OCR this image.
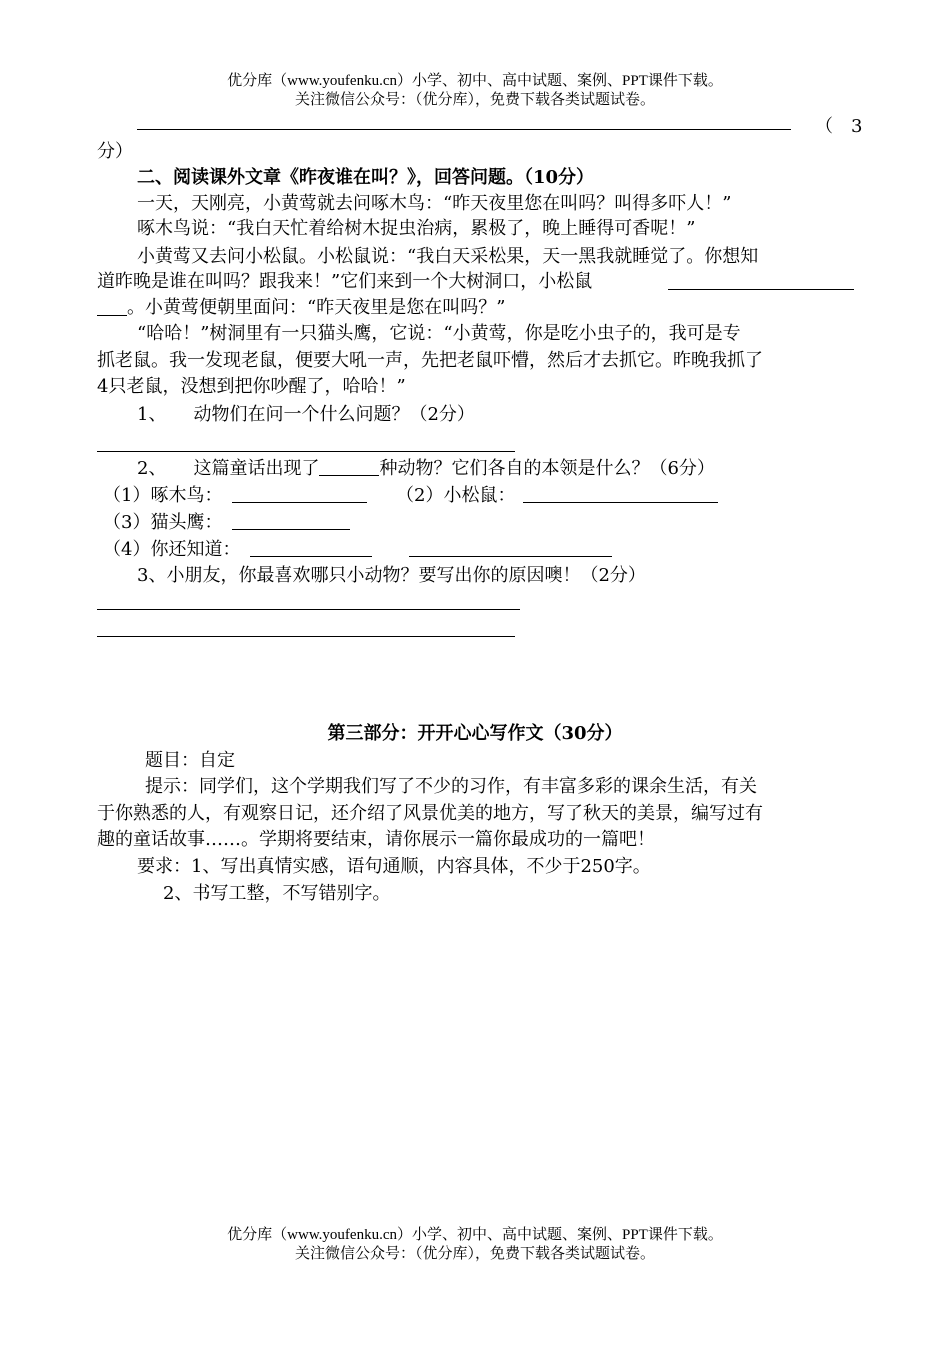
优分库（www.youfenku.cn）小学、初中、高中试题、案例、PPT课件下载。
关注微信公众号：（优分库），免费下载各类试题试卷。
（　3
分）
二、阅读课外文章《昨夜谁在叫？》，回答问题。（10分）
一天，天刚亮，小黄莺就去问啄木鸟：“昨天夜里您在叫吗？叫得多吓人！”
啄木鸟说：“我白天忙着给树木捉虫治病，累极了，晚上睡得可香呢！”
小黄莺又去问小松鼠。小松鼠说：“我白天采松果，天一黑我就睡觉了。你想知
道昨晚是谁在叫吗？跟我来！”它们来到一个大树洞口，小松鼠
。小黄莺便朝里面问：“昨天夜里是您在叫吗？”
“哈哈！”树洞里有一只猫头鹰，它说：“小黄莺，你是吃小虫子的，我可是专
抓老鼠。我一发现老鼠，便要大吼一声，先把老鼠吓懵，然后才去抓它。昨晚我抓了
4只老鼠，没想到把你吵醒了，哈哈！”
1、　　动物们在问一个什么问题？（2分）
2、　　这篇童话出现了	种动物？它们各自的本领是什么？（6分）
（1）啄木鸟：	（2）小松鼠：
（3）猫头鹰：
（4）你还知道：
3、小朋友，你最喜欢哪只小动物？要写出你的原因噢！（2分）
第三部分：开开心心写作文（30分）
题目：自定
提示：同学们，这个学期我们写了不少的习作，有丰富多彩的课余生活，有关
于你熟悉的人，有观察日记，还介绍了风景优美的地方，写了秋天的美景，编写过有
趣的童话故事……。学期将要结束，请你展示一篇你最成功的一篇吧！
要求：1、写出真情实感，语句通顺，内容具体，不少于250字。
2、书写工整，不写错别字。
优分库（www.youfenku.cn）小学、初中、高中试题、案例、PPT课件下载。
关注微信公众号：（优分库），免费下载各类试题试卷。
